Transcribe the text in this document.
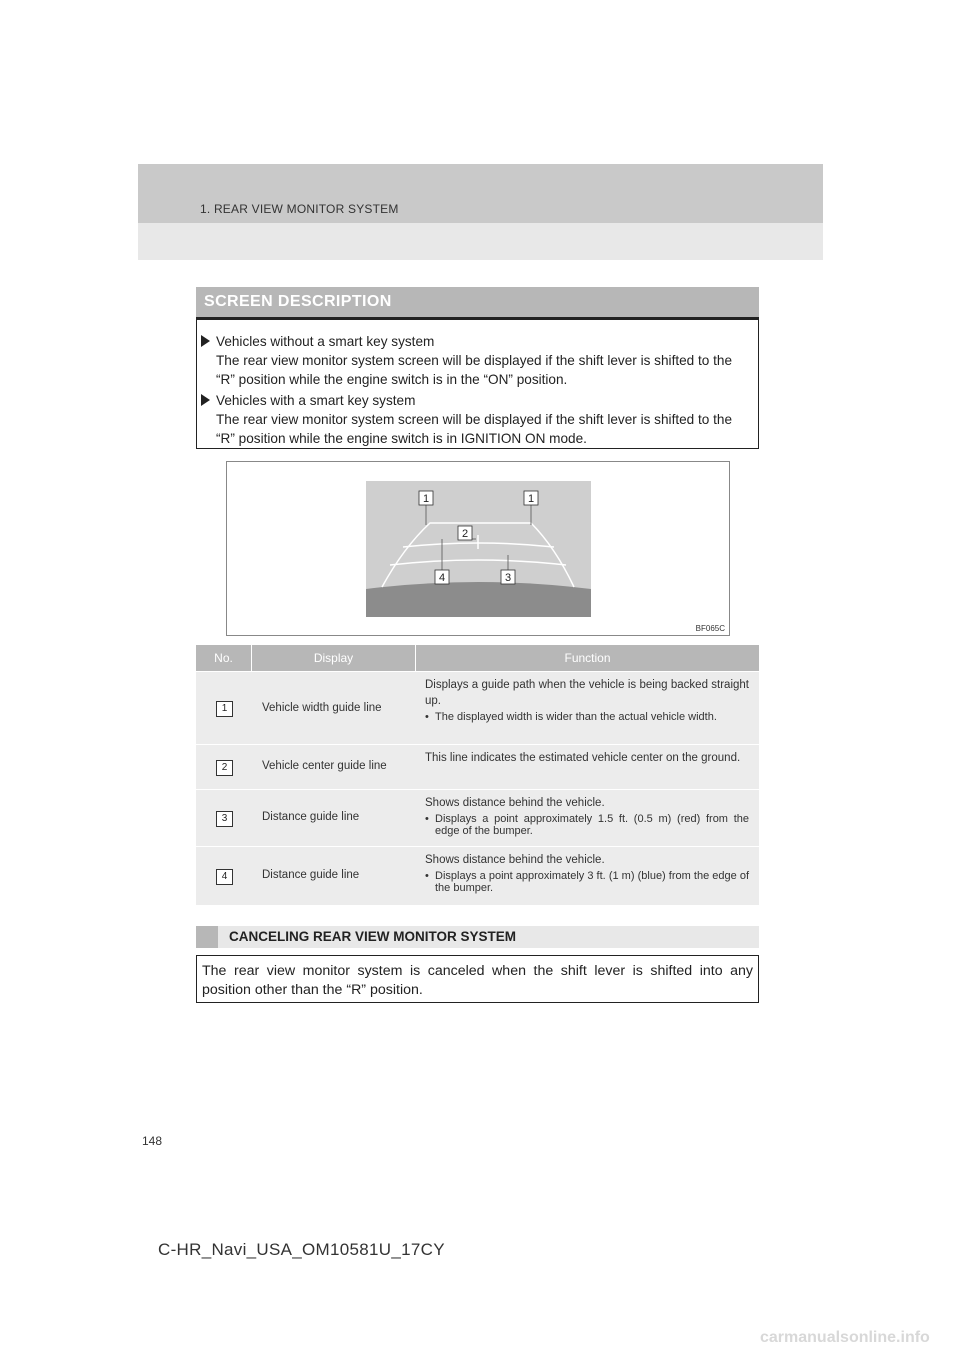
1. REAR VIEW MONITOR SYSTEM
SCREEN DESCRIPTION
Vehicles without a smart key system
The rear view monitor system screen will be displayed if the shift lever is shifted to the
“R” position while the engine switch is in the “ON” position.
Vehicles with a smart key system
The rear view monitor system screen will be displayed if the shift lever is shifted to the
“R” position while the engine switch is in IGNITION ON mode.
1	1
2
4	3
BF065C
No.	Display	Function
1	Vehicle width guide line
Displays a guide path when the vehicle is being backed straight up.
• The displayed width is wider than the actual vehicle width.
2	Vehicle center guide line
This line indicates the estimated vehicle center on the ground.
3	Distance guide line
Shows distance behind the vehicle.
• Displays a point approximately 1.5 ft. (0.5 m) (red) from the edge of the bumper.
4	Distance guide line
Shows distance behind the vehicle.
• Displays a point approximately 3 ft. (1 m) (blue) from the edge of the bumper.
CANCELING REAR VIEW MONITOR SYSTEM
The rear view monitor system is canceled when the shift lever is shifted into any position other than the “R” position.
148
C-HR_Navi_USA_OM10581U_17CY
carmanualsonline.info
